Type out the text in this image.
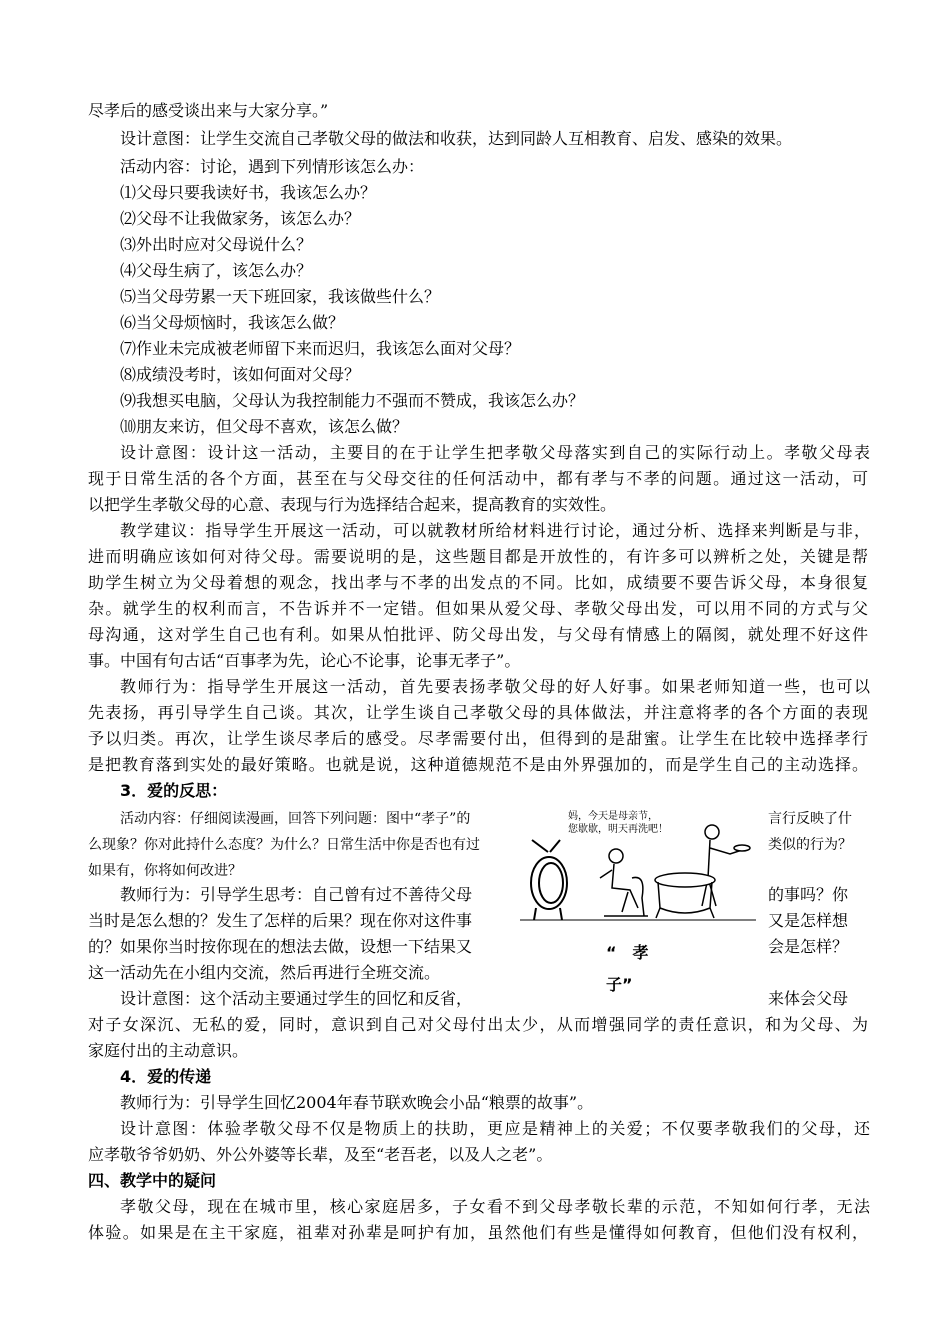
尽孝后的感受谈出来与大家分享。”
设计意图：让学生交流自己孝敬父母的做法和收获，达到同龄人互相教育、启发、感染的效果。
活动内容：讨论，遇到下列情形该怎么办：
⑴父母只要我读好书，我该怎么办？
⑵父母不让我做家务，该怎么办？
⑶外出时应对父母说什么？
⑷父母生病了，该怎么办？
⑸当父母劳累一天下班回家，我该做些什么？
⑹当父母烦恼时，我该怎么做？
⑺作业未完成被老师留下来而迟归，我该怎么面对父母？
⑻成绩没考时，该如何面对父母？
⑼我想买电脑，父母认为我控制能力不强而不赞成，我该怎么办？
⑽朋友来访，但父母不喜欢，该怎么做？
设计意图：设计这一活动，主要目的在于让学生把孝敬父母落实到自己的实际行动上。孝敬父母表
现于日常生活的各个方面，甚至在与父母交往的任何活动中，都有孝与不孝的问题。通过这一活动，可
以把学生孝敬父母的心意、表现与行为选择结合起来，提高教育的实效性。
教学建议：指导学生开展这一活动，可以就教材所给材料进行讨论，通过分析、选择来判断是与非，
进而明确应该如何对待父母。需要说明的是，这些题目都是开放性的，有许多可以辨析之处，关键是帮
助学生树立为父母着想的观念，找出孝与不孝的出发点的不同。比如，成绩要不要告诉父母，本身很复
杂。就学生的权利而言，不告诉并不一定错。但如果从爱父母、孝敬父母出发，可以用不同的方式与父
母沟通，这对学生自己也有利。如果从怕批评、防父母出发，与父母有情感上的隔阂，就处理不好这件
事。中国有句古话“百事孝为先，论心不论事，论事无孝子”。
教师行为：指导学生开展这一活动，首先要表扬孝敬父母的好人好事。如果老师知道一些，也可以
先表扬，再引导学生自己谈。其次，让学生谈自己孝敬父母的具体做法，并注意将孝的各个方面的表现
予以归类。再次，让学生谈尽孝后的感受。尽孝需要付出，但得到的是甜蜜。让学生在比较中选择孝行
是把教育落到实处的最好策略。也就是说，这种道德规范不是由外界强加的，而是学生自己的主动选择。
3．爱的反思：
活动内容：仔细阅读漫画，回答下列问题：图中“孝子”的	言行反映了什
么现象？你对此持什么态度？为什么？日常生活中你是否也有过	类似的行为？
如果有，你将如何改进？
教师行为：引导学生思考：自己曾有过不善待父母	的事吗？你
当时是怎么想的？发生了怎样的后果？现在你对这件事	又是怎样想
的？如果你当时按你现在的想法去做，设想一下结果又	会是怎样？
这一活动先在小组内交流，然后再进行全班交流。
设计意图：这个活动主要通过学生的回忆和反省，	来体会父母
妈，今天是母亲节，
您歇歇，明天再洗吧！
“　孝
子”
对子女深沉、无私的爱，同时，意识到自己对父母付出太少，从而增强同学的责任意识，和为父母、为
家庭付出的主动意识。
4．爱的传递
教师行为：引导学生回忆2004年春节联欢晚会小品“粮票的故事”。
设计意图：体验孝敬父母不仅是物质上的扶助，更应是精神上的关爱；不仅要孝敬我们的父母，还
应孝敬爷爷奶奶、外公外婆等长辈，及至“老吾老，以及人之老”。
四、教学中的疑问
孝敬父母，现在在城市里，核心家庭居多，子女看不到父母孝敬长辈的示范，不知如何行孝，无法
体验。如果是在主干家庭，祖辈对孙辈是呵护有加，虽然他们有些是懂得如何教育，但他们没有权利，
